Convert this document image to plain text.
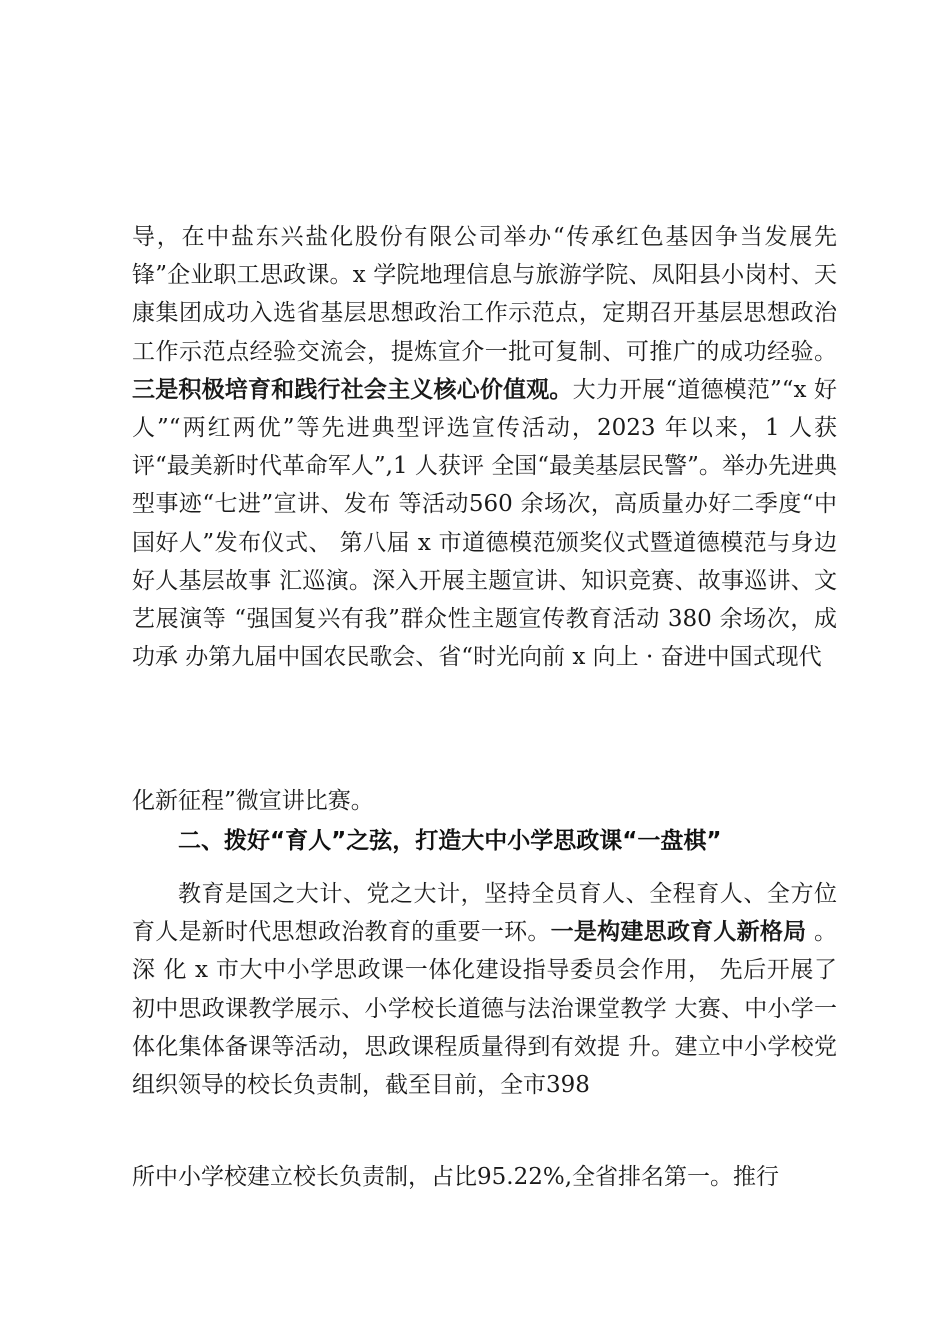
导，在中盐东兴盐化股份有限公司举办“传承红色基因争当发展先锋”企业职工思政课。x 学院地理信息与旅游学院、凤阳县小岗村、天康集团成功入选省基层思想政治工作示范点，定期召开基层思想政治工作示范点经验交流会，提炼宣介一批可复制、可推广的成功经验。三是积极培育和践行社会主义核心价值观。大力开展“道德模范”“x 好人”“两红两优”等先进典型评选宣传活动，2023 年以来，1 人获评“最美新时代革命军人”,1 人获评 全国“最美基层民警”。举办先进典型事迹“七进”宣讲、发布 等活动560 余场次，高质量办好二季度“中国好人”发布仪式、 第八届 x 市道德模范颁奖仪式暨道德模范与身边好人基层故事 汇巡演。深入开展主题宣讲、知识竞赛、故事巡讲、文艺展演等 “强国复兴有我”群众性主题宣传教育活动 380 余场次，成功承 办第九届中国农民歌会、省“时光向前 x 向上 · 奋进中国式现代
化新征程”微宣讲比赛。
二、拨好“育人”之弦，打造大中小学思政课“一盘棋”
教育是国之大计、党之大计，坚持全员育人、全程育人、全方位育人是新时代思想政治教育的重要一环。一是构建思政育人新格局 。深 化 x 市大中小学思政课一体化建设指导委员会作用， 先后开展了初中思政课教学展示、小学校长道德与法治课堂教学 大赛、中小学一体化集体备课等活动，思政课程质量得到有效提 升。建立中小学校党组织领导的校长负责制，截至目前，全市398
所中小学校建立校长负责制，占比95.22%,全省排名第一。推行
